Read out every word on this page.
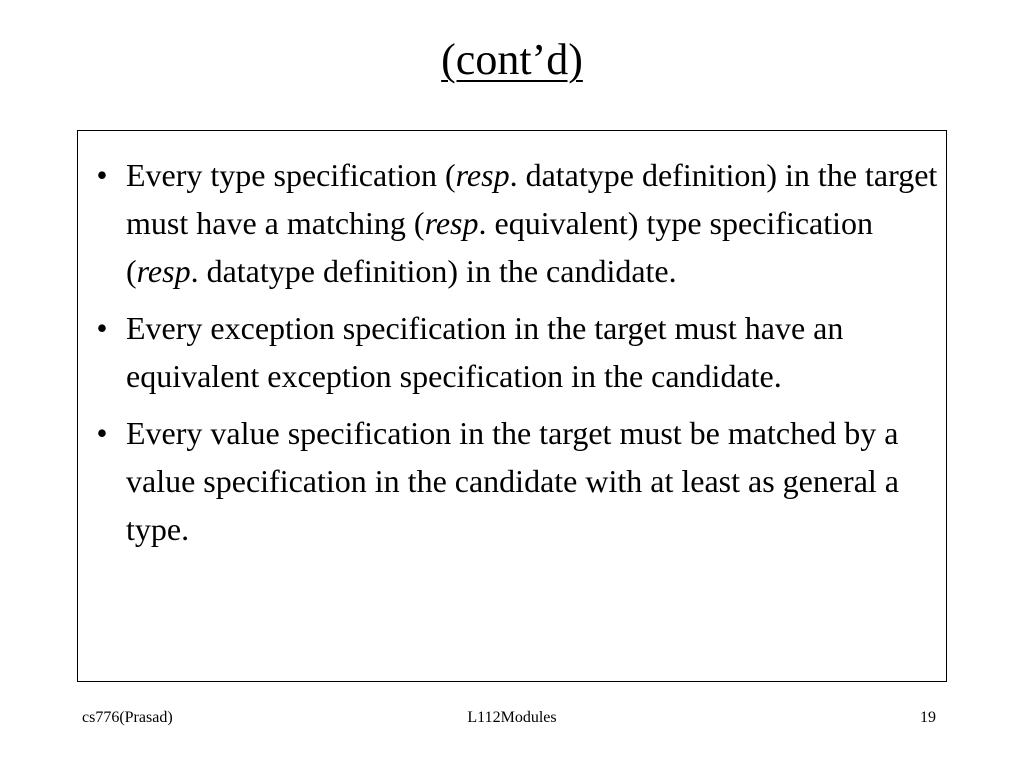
(cont’d)
• Every type specification (resp. datatype definition) in the target must have a matching (resp. equivalent) type specification (resp. datatype definition) in the candidate.
• Every exception specification in the target must have an equivalent exception specification in the candidate.
• Every value specification in the target must be matched by a value specification in the candidate with at least as general a type.
cs776(Prasad)	L112Modules	19
